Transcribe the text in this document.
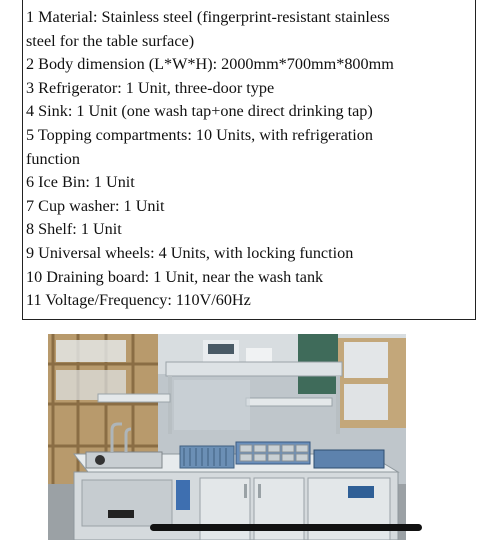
1 Material: Stainless steel (fingerprint-resistant stainless
steel for the table surface)
2 Body dimension (L*W*H): 2000mm*700mm*800mm
3 Refrigerator: 1 Unit, three-door type
4 Sink: 1 Unit (one wash tap+one direct drinking tap)
5 Topping compartments: 10 Units, with refrigeration
function
6 Ice Bin: 1 Unit
7 Cup washer: 1 Unit
8 Shelf: 1 Unit
9 Universal wheels: 4 Units, with locking function
10 Draining board: 1 Unit, near the wash tank
11 Voltage/Frequency: 110V/60Hz
